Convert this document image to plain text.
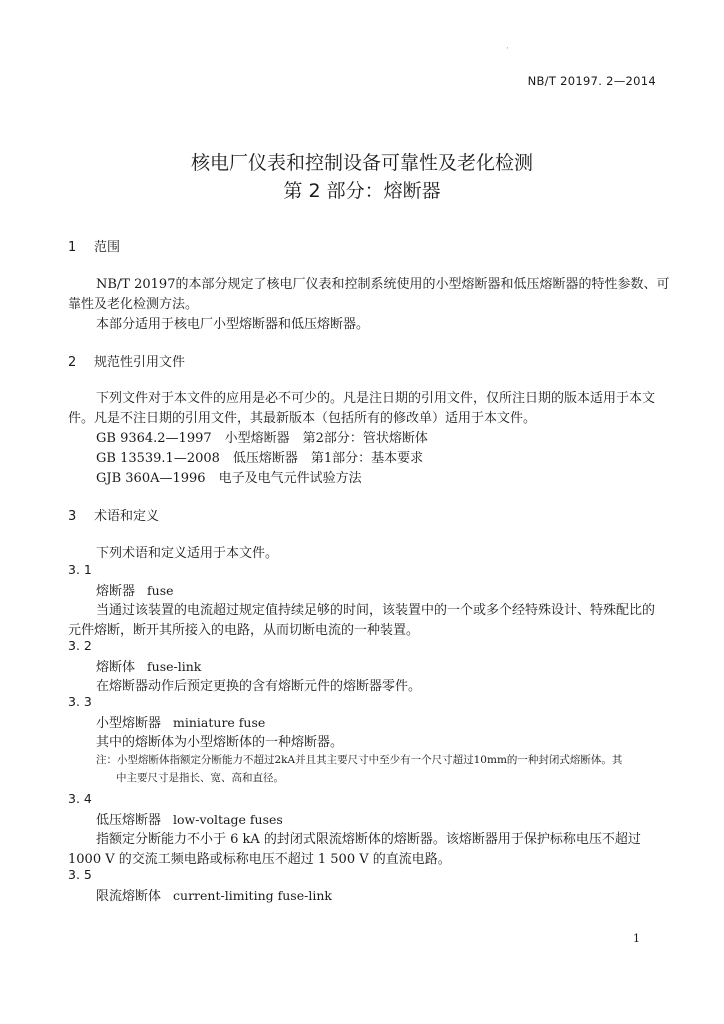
·
NB/T 20197. 2—2014
核电厂仪表和控制设备可靠性及老化检测
第 2 部分：熔断器
1 范围
NB/T 20197的本部分规定了核电厂仪表和控制系统使用的小型熔断器和低压熔断器的特性参数、可
靠性及老化检测方法。
本部分适用于核电厂小型熔断器和低压熔断器。
2 规范性引用文件
下列文件对于本文件的应用是必不可少的。凡是注日期的引用文件，仅所注日期的版本适用于本文
件。凡是不注日期的引用文件，其最新版本（包括所有的修改单）适用于本文件。
GB 9364.2—1997　小型熔断器　第2部分：管状熔断体
GB 13539.1—2008　低压熔断器　第1部分：基本要求
GJB 360A—1996　电子及电气元件试验方法
3 术语和定义
下列术语和定义适用于本文件。
3. 1
熔断器 fuse
当通过该装置的电流超过规定值持续足够的时间，该装置中的一个或多个经特殊设计、特殊配比的
元件熔断，断开其所接入的电路，从而切断电流的一种装置。
3. 2
熔断体 fuse-link
在熔断器动作后预定更换的含有熔断元件的熔断器零件。
3. 3
小型熔断器 miniature fuse
其中的熔断体为小型熔断体的一种熔断器。
注：小型熔断体指额定分断能力不超过2kA并且其主要尺寸中至少有一个尺寸超过10mm的一种封闭式熔断体。其
中主要尺寸是指长、宽、高和直径。
3. 4
低压熔断器 low-voltage fuses
指额定分断能力不小于 6 kA 的封闭式限流熔断体的熔断器。该熔断器用于保护标称电压不超过
1000 V 的交流工频电路或标称电压不超过 1 500 V 的直流电路。
3. 5
限流熔断体 current-limiting fuse-link
1
